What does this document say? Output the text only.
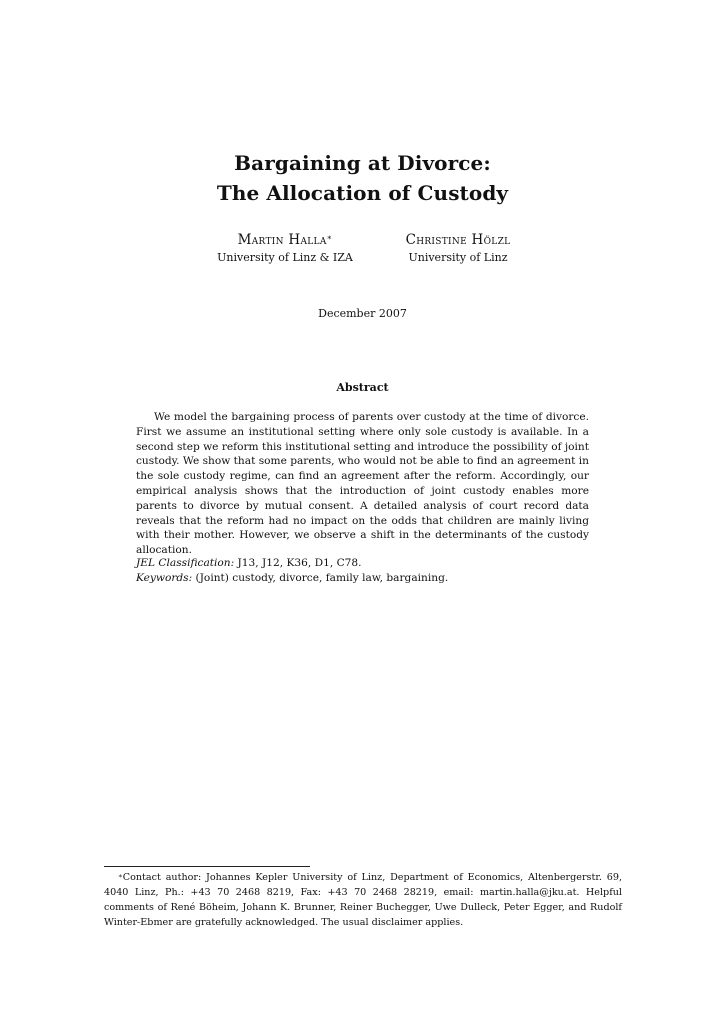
Bargaining at Divorce:
The Allocation of Custody
Martin Halla∗
University of Linz & IZA
Christine Hölzl
University of Linz
December 2007
Abstract

We model the bargaining process of parents over custody at the time of divorce. First we assume an institutional setting where only sole custody is available. In a second step we reform this institutional setting and introduce the possibility of joint custody. We show that some parents, who would not be able to find an agreement in the sole custody regime, can find an agreement after the reform. Accordingly, our empirical analysis shows that the introduction of joint custody enables more parents to divorce by mutual consent. A detailed analysis of court record data reveals that the reform had no impact on the odds that children are mainly living with their mother. However, we observe a shift in the determinants of the custody allocation.

JEL Classification: J13, J12, K36, D1, C78.
Keywords: (Joint) custody, divorce, family law, bargaining.

∗Contact author: Johannes Kepler University of Linz, Department of Economics, Altenbergerstr. 69, 4040 Linz, Ph.: +43 70 2468 8219, Fax: +43 70 2468 28219, email: martin.halla@jku.at. Helpful comments of René Böheim, Johann K. Brunner, Reiner Buchegger, Uwe Dulleck, Peter Egger, and Rudolf Winter-Ebmer are gratefully acknowledged. The usual disclaimer applies.
